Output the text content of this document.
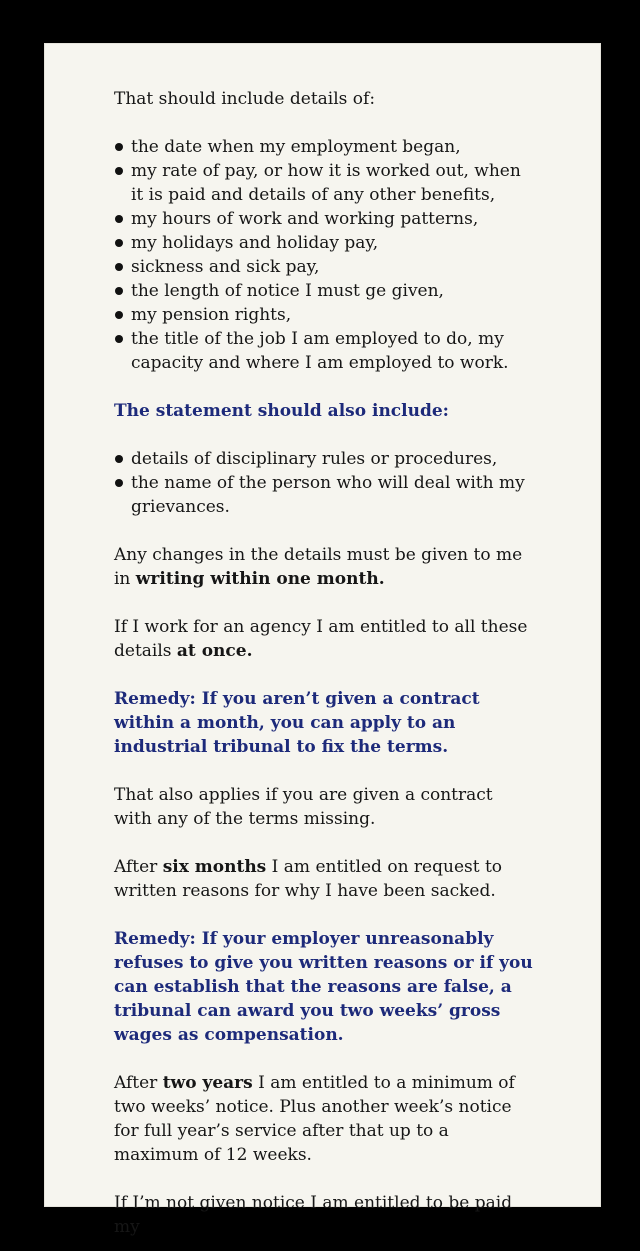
That should include details of:

the date when my employment began,
my rate of pay, or how it is worked out, when it is paid and details of any other benefits,
my hours of work and working patterns,
my holidays and holiday pay,
sickness and sick pay,
the length of notice I must ge given,
my pension rights,
the title of the job I am employed to do, my capacity and where I am employed to work.

The statement should also include:

details of disciplinary rules or procedures,
the name of the person who will deal with my grievances.

Any changes in the details must be given to me in writing within one month.

If I work for an agency I am entitled to all these details at once.

Remedy: If you aren’t given a contract within a month, you can apply to an industrial tribunal to fix the terms.

That also applies if you are given a contract with any of the terms missing.

After six months I am entitled on request to written reasons for why I have been sacked.

Remedy: If your employer unreasonably refuses to give you written reasons or if you can establish that the reasons are false, a tribunal can award you two weeks’ gross wages as compensation.

After two years I am entitled to a minimum of two weeks’ notice. Plus another week’s notice for full year’s service after that up to a maximum of 12 weeks.

If I’m not given notice I am entitled to be paid my
